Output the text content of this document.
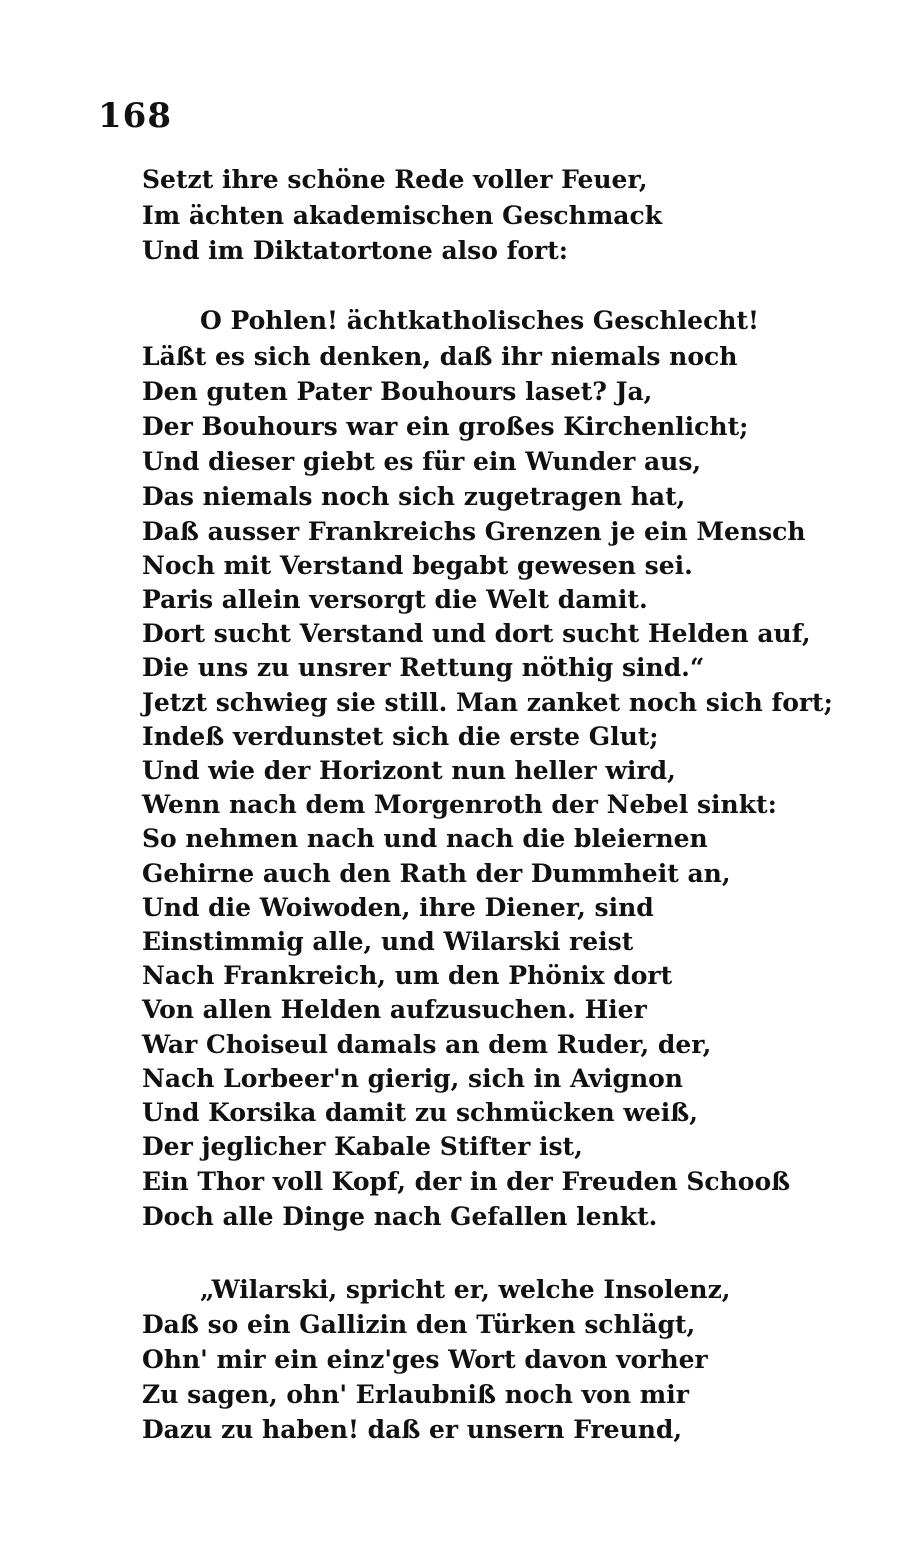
168
Setzt ihre schöne Rede voller Feuer,
Im ächten akademischen Geschmack
Und im Diktatortone also fort:
O Pohlen! ächtkatholisches Geschlecht!
Läßt es sich denken, daß ihr niemals noch
Den guten Pater Bouhours laset? Ja,
Der Bouhours war ein großes Kirchenlicht;
Und dieser giebt es für ein Wunder aus,
Das niemals noch sich zugetragen hat,
Daß ausser Frankreichs Grenzen je ein Mensch
Noch mit Verstand begabt gewesen sei.
Paris allein versorgt die Welt damit.
Dort sucht Verstand und dort sucht Helden auf,
Die uns zu unsrer Rettung nöthig sind.“
Jetzt schwieg sie still. Man zanket noch sich fort;
Indeß verdunstet sich die erste Glut;
Und wie der Horizont nun heller wird,
Wenn nach dem Morgenroth der Nebel sinkt:
So nehmen nach und nach die bleiernen
Gehirne auch den Rath der Dummheit an,
Und die Woiwoden, ihre Diener, sind
Einstimmig alle, und Wilarski reist
Nach Frankreich, um den Phönix dort
Von allen Helden aufzusuchen. Hier
War Choiseul damals an dem Ruder, der,
Nach Lorbeer'n gierig, sich in Avignon
Und Korsika damit zu schmücken weiß,
Der jeglicher Kabale Stifter ist,
Ein Thor voll Kopf, der in der Freuden Schooß
Doch alle Dinge nach Gefallen lenkt.
„Wilarski, spricht er, welche Insolenz,
Daß so ein Gallizin den Türken schlägt,
Ohn' mir ein einz'ges Wort davon vorher
Zu sagen, ohn' Erlaubniß noch von mir
Dazu zu haben! daß er unsern Freund,
